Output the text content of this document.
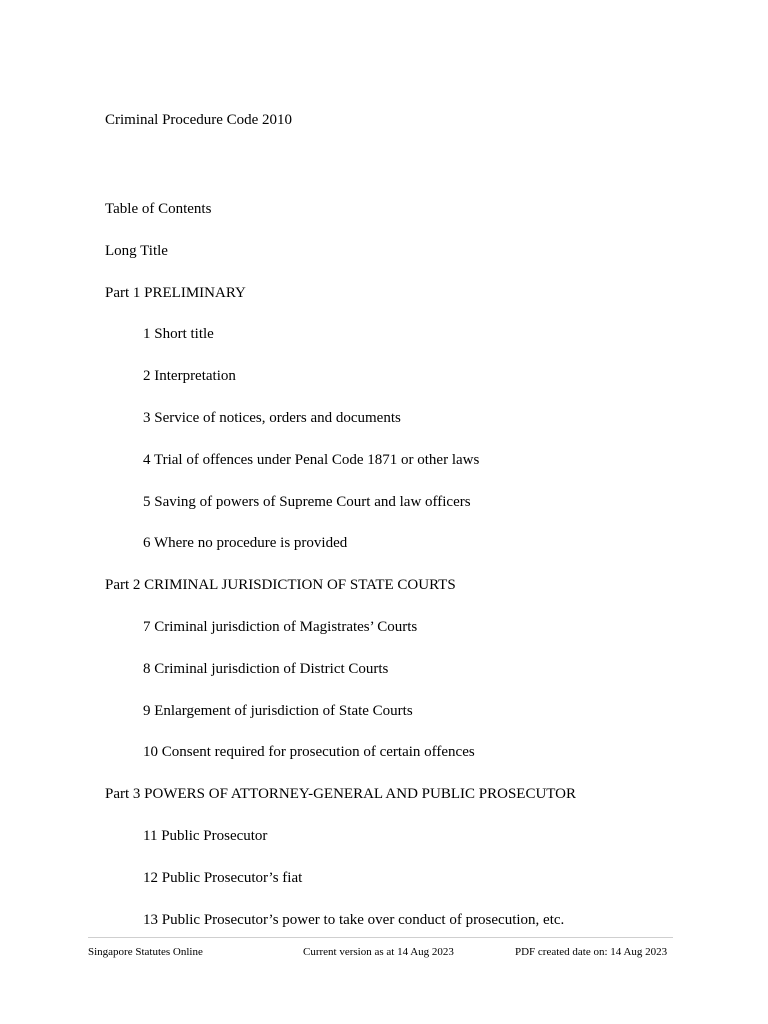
Criminal Procedure Code 2010
Table of Contents
Long Title
Part 1 PRELIMINARY
1 Short title
2 Interpretation
3 Service of notices, orders and documents
4 Trial of offences under Penal Code 1871 or other laws
5 Saving of powers of Supreme Court and law officers
6 Where no procedure is provided
Part 2 CRIMINAL JURISDICTION OF STATE COURTS
7 Criminal jurisdiction of Magistrates’ Courts
8 Criminal jurisdiction of District Courts
9 Enlargement of jurisdiction of State Courts
10 Consent required for prosecution of certain offences
Part 3 POWERS OF ATTORNEY-GENERAL AND PUBLIC PROSECUTOR
11 Public Prosecutor
12 Public Prosecutor’s fiat
13 Public Prosecutor’s power to take over conduct of prosecution, etc.
Singapore Statutes Online	Current version as at 14 Aug 2023	PDF created date on: 14 Aug 2023
